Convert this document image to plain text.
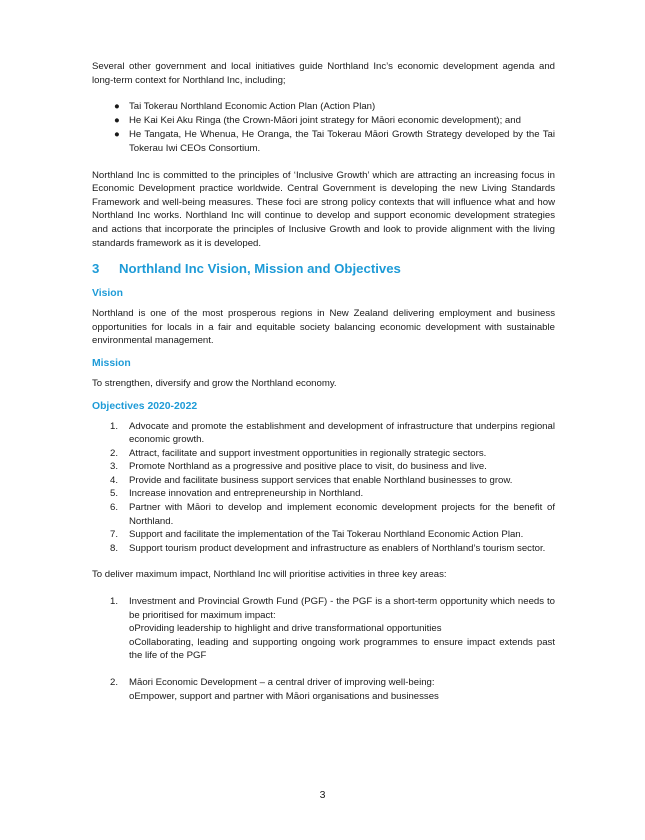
Several other government and local initiatives guide Northland Inc’s economic development agenda and long-term context for Northland Inc, including;

● Tai Tokerau Northland Economic Action Plan (Action Plan)
● He Kai Kei Aku Ringa (the Crown-Māori joint strategy for Māori economic development); and
● He Tangata, He Whenua, He Oranga, the Tai Tokerau Māori Growth Strategy developed by the Tai Tokerau Iwi CEOs Consortium.

Northland Inc is committed to the principles of ‘Inclusive Growth’ which are attracting an increasing focus in Economic Development practice worldwide. Central Government is developing the new Living Standards Framework and well-being measures. These foci are strong policy contexts that will influence what and how Northland Inc works. Northland Inc will continue to develop and support economic development strategies and actions that incorporate the principles of Inclusive Growth and look to provide alignment with the living standards framework as it is developed.

3 Northland Inc Vision, Mission and Objectives
Vision

Northland is one of the most prosperous regions in New Zealand delivering employment and business opportunities for locals in a fair and equitable society balancing economic development with sustainable environmental management.

Mission

To strengthen, diversify and grow the Northland economy.

Objectives 2020-2022
1. Advocate and promote the establishment and development of infrastructure that underpins regional economic growth.
2. Attract, facilitate and support investment opportunities in regionally strategic sectors.
3. Promote Northland as a progressive and positive place to visit, do business and live.
4. Provide and facilitate business support services that enable Northland businesses to grow.
5. Increase innovation and entrepreneurship in Northland.
6. Partner with Māori to develop and implement economic development projects for the benefit of Northland.
7. Support and facilitate the implementation of the Tai Tokerau Northland Economic Action Plan.
8. Support tourism product development and infrastructure as enablers of Northland’s tourism sector.

To deliver maximum impact, Northland Inc will prioritise activities in three key areas:

1. Investment and Provincial Growth Fund (PGF) - the PGF is a short-term opportunity which needs to be prioritised for maximum impact:
oProviding leadership to highlight and drive transformational opportunities
oCollaborating, leading and supporting ongoing work programmes to ensure impact extends past the life of the PGF
2. Māori Economic Development – a central driver of improving well-being:
oEmpower, support and partner with Māori organisations and businesses
3
